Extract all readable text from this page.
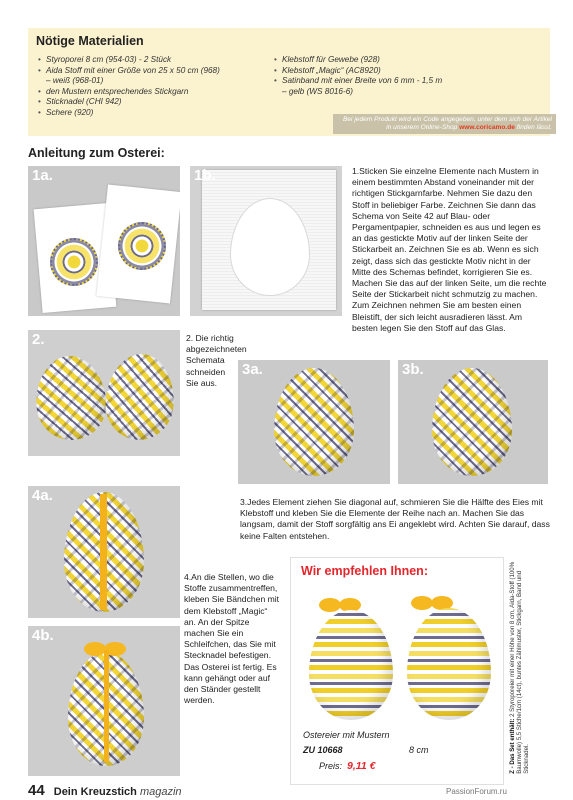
Nötige Materialien
• Styroporei 8 cm (954-03) - 2 Stück
• Aida Stoff mit einer Größe von 25 x 50 cm (968)
– weiß (968-01)
• den Mustern entsprechendes Stickgarn
• Sticknadel (CHI 942)
• Schere (920)
• Klebstoff für Gewebe (928)
• Klebstoff „Magic“ (AC8920)
• Satinband mit einer Breite von 6 mm - 1,5 m
– gelb (WS 8016-6)
Bei jedem Produkt wird ein Code angegeben, unter dem sich der Artikel in unserem Online-Shop www.coricamo.de finden lässt.
Anleitung zum Osterei:
1a.	1b.	1.Sticken Sie einzelne Elemente nach Mustern in einem bestimmten Abstand voneinander mit der richtigen Stickgarnfarbe. Nehmen Sie dazu den Stoff in beliebiger Farbe. Zeichnen Sie dann das Schema von Seite 42 auf Blau- oder Pergamentpapier, schneiden es aus und legen es an das gestickte Motiv auf der linken Seite der Stickarbeit an. Zeichnen Sie es ab. Wenn es sich zeigt, dass sich das gestickte Motiv nicht in der Mitte des Schemas befindet, korrigieren Sie es. Machen Sie das auf der linken Seite, um die rechte Seite der Stickarbeit nicht schmutzig zu machen. Zum Zeichnen nehmen Sie am besten einen Bleistift, der sich leicht ausradieren lässt. Am besten legen Sie den Stoff auf das Glas.

2.	2. Die richtig abgezeichneten Schemata schneiden Sie aus.

3a.	3b.
4a.	3.Jedes Element ziehen Sie diagonal auf, schmieren Sie die Hälfte des Eies mit Klebstoff und kleben Sie die Elemente der Reihe nach an. Machen Sie das langsam, damit der Stoff sorgfältig ans Ei angeklebt wird. Achten Sie darauf, dass keine Falten entstehen.

4.An die Stellen, wo die Stoffe zusammentreffen, kleben Sie Bändchen mit dem Klebstoff „Magic“ an. An der Spitze machen Sie ein Schleifchen, das Sie mit Stecknadel befestigen. Das Osterei ist fertig. Es kann gehängt oder auf den Ständer gestellt werden.

4b.
Wir empfehlen Ihnen:
Ostereier mit Mustern
ZU 10668	8 cm
Preis: 9,11 €	Z - Das Set enthält: 2 Styroporeier mit einer Höhe von 8 cm, Aida-Stoff (100% Baumwolle) 5,5 Stiche/1cm (14ct), buntes Zählmuster, Stickgarn, Band und Sticknadel.
44 Dein Kreuzstich magazin	PassionForum.ru
